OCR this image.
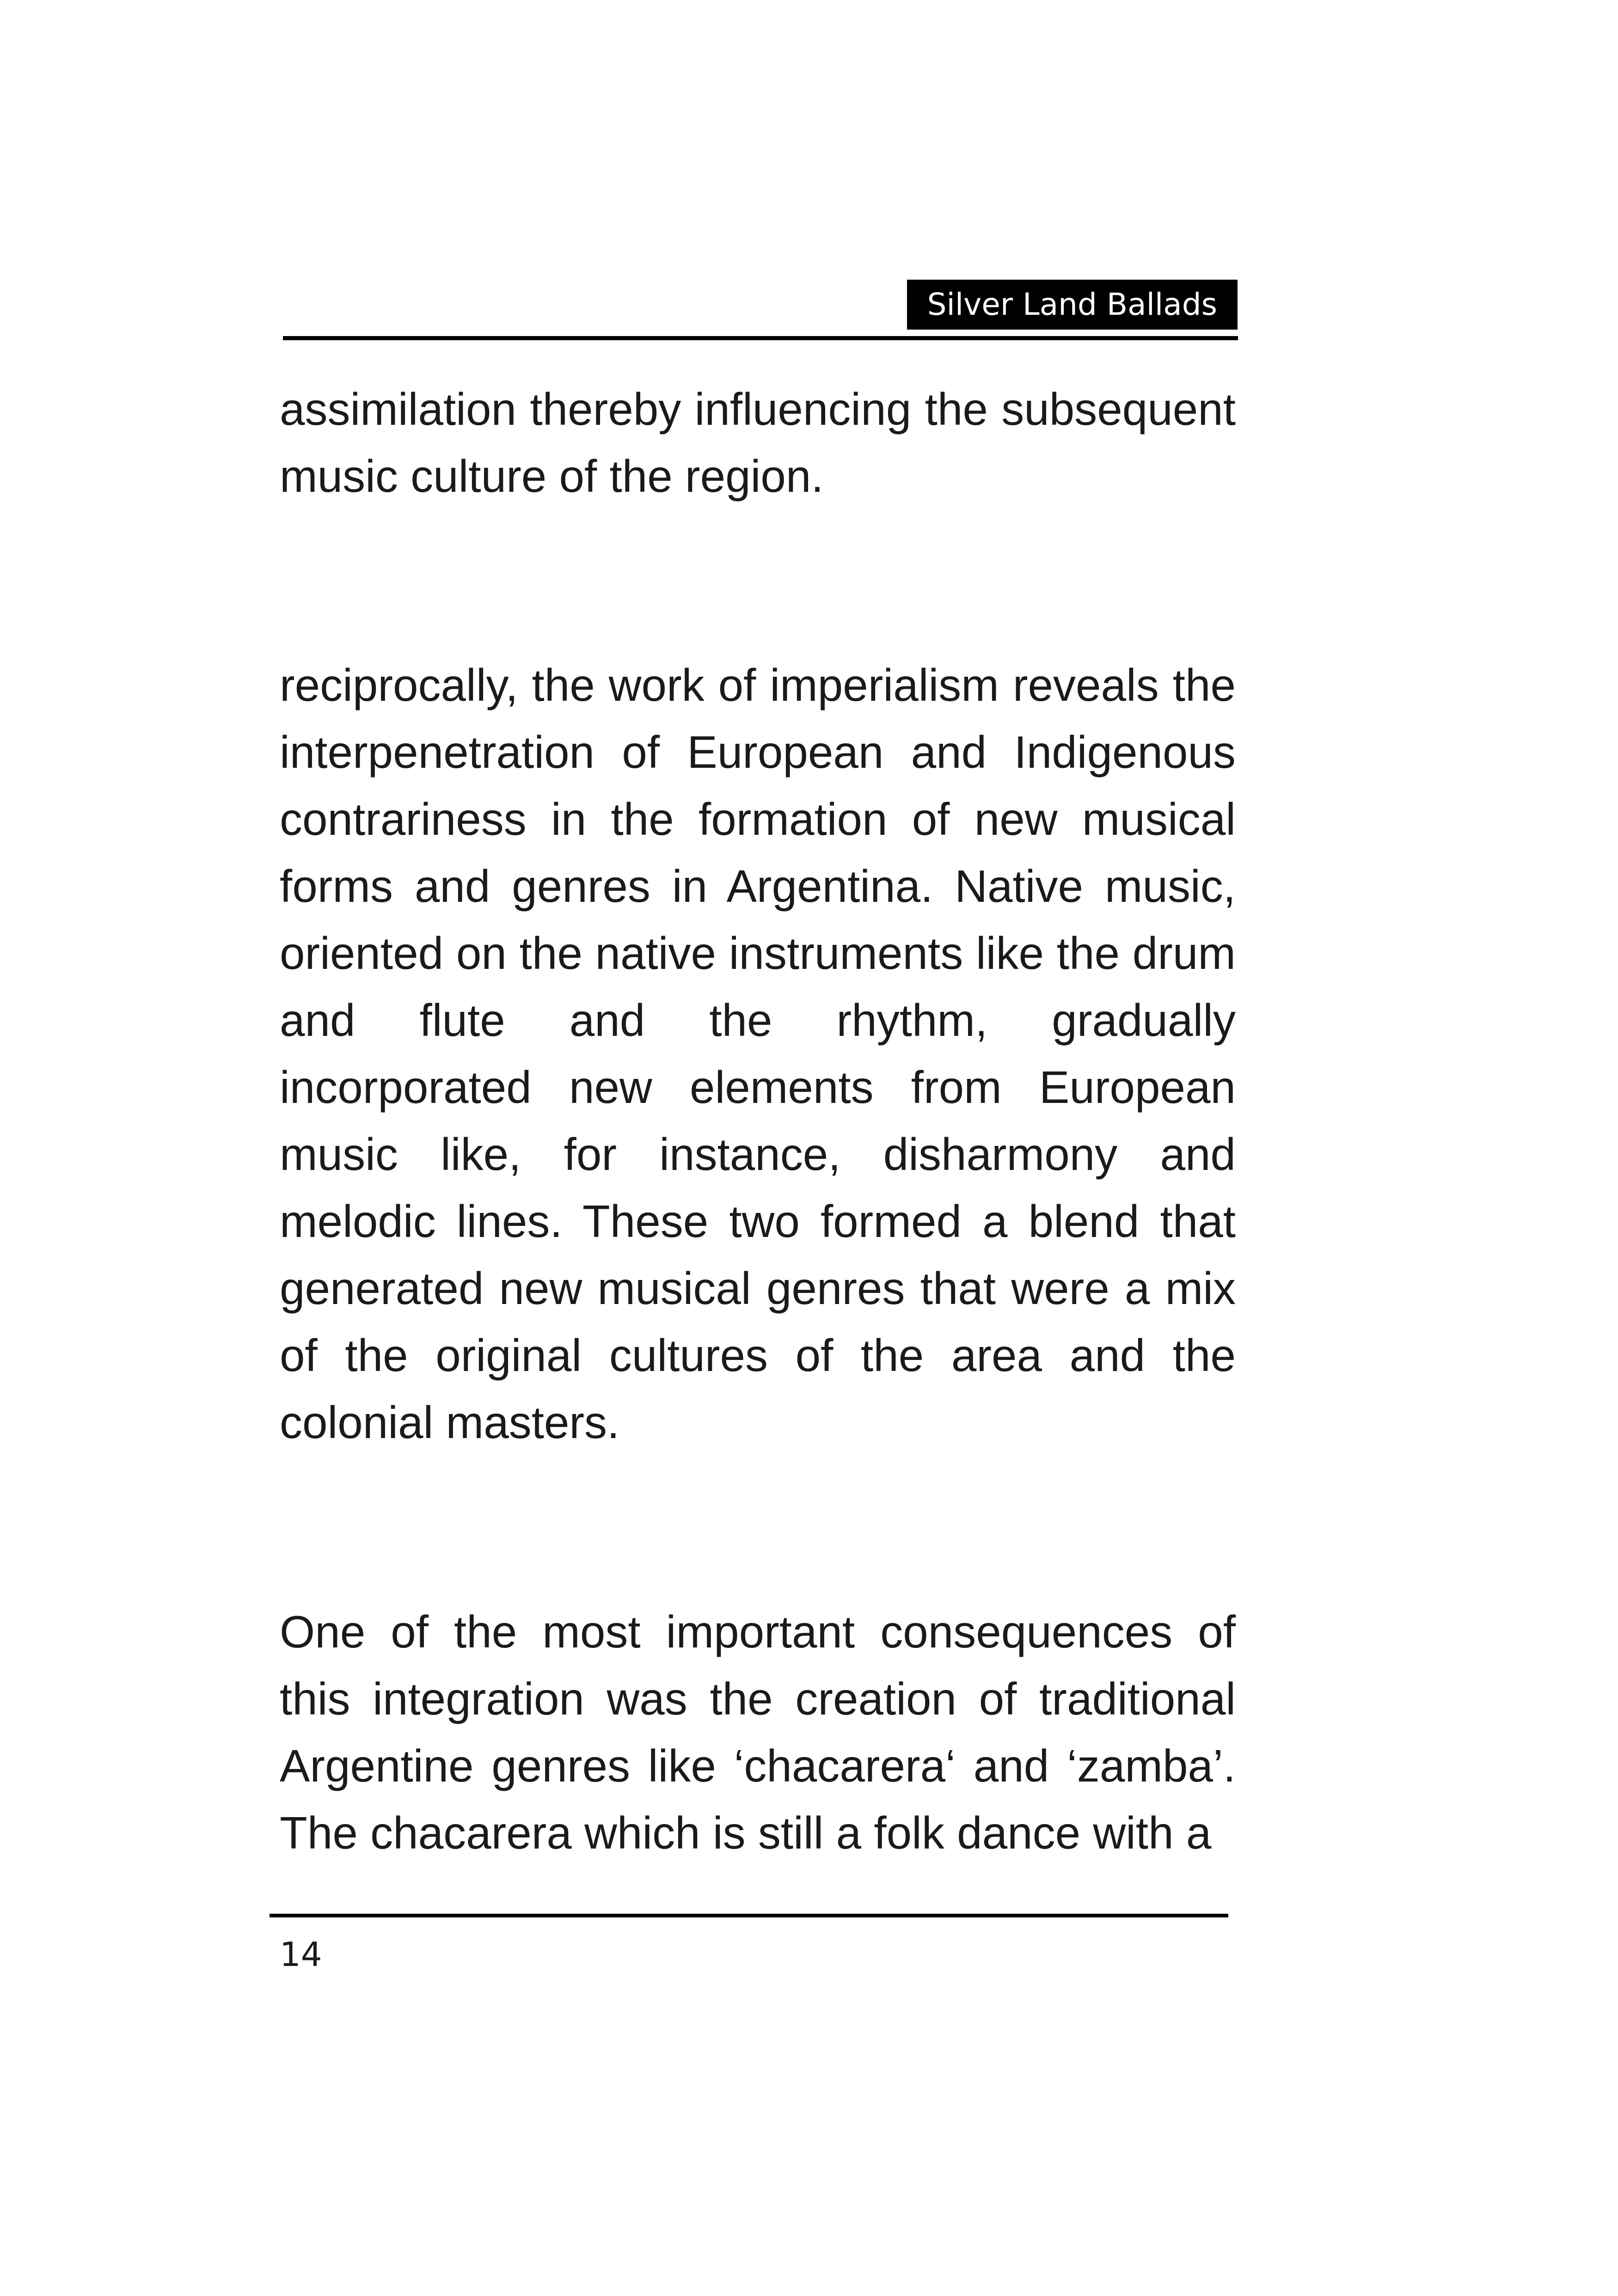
Silver Land Ballads

assimilation thereby influencing the subsequent music culture of the region.

reciprocally, the work of imperialism reveals the interpenetration of European and Indigenous contrariness in the formation of new musical forms and genres in Argentina. Native music, oriented on the native instruments like the drum and flute and the rhythm, gradually incorporated new elements from European music like, for instance, disharmony and melodic lines. These two formed a blend that generated new musical genres that were a mix of the original cultures of the area and the colonial masters.

One of the most important consequences of this integration was the creation of traditional Argentine genres like ‘chacarera‘ and ‘zamba’. The chacarera which is still a folk dance with a

14
